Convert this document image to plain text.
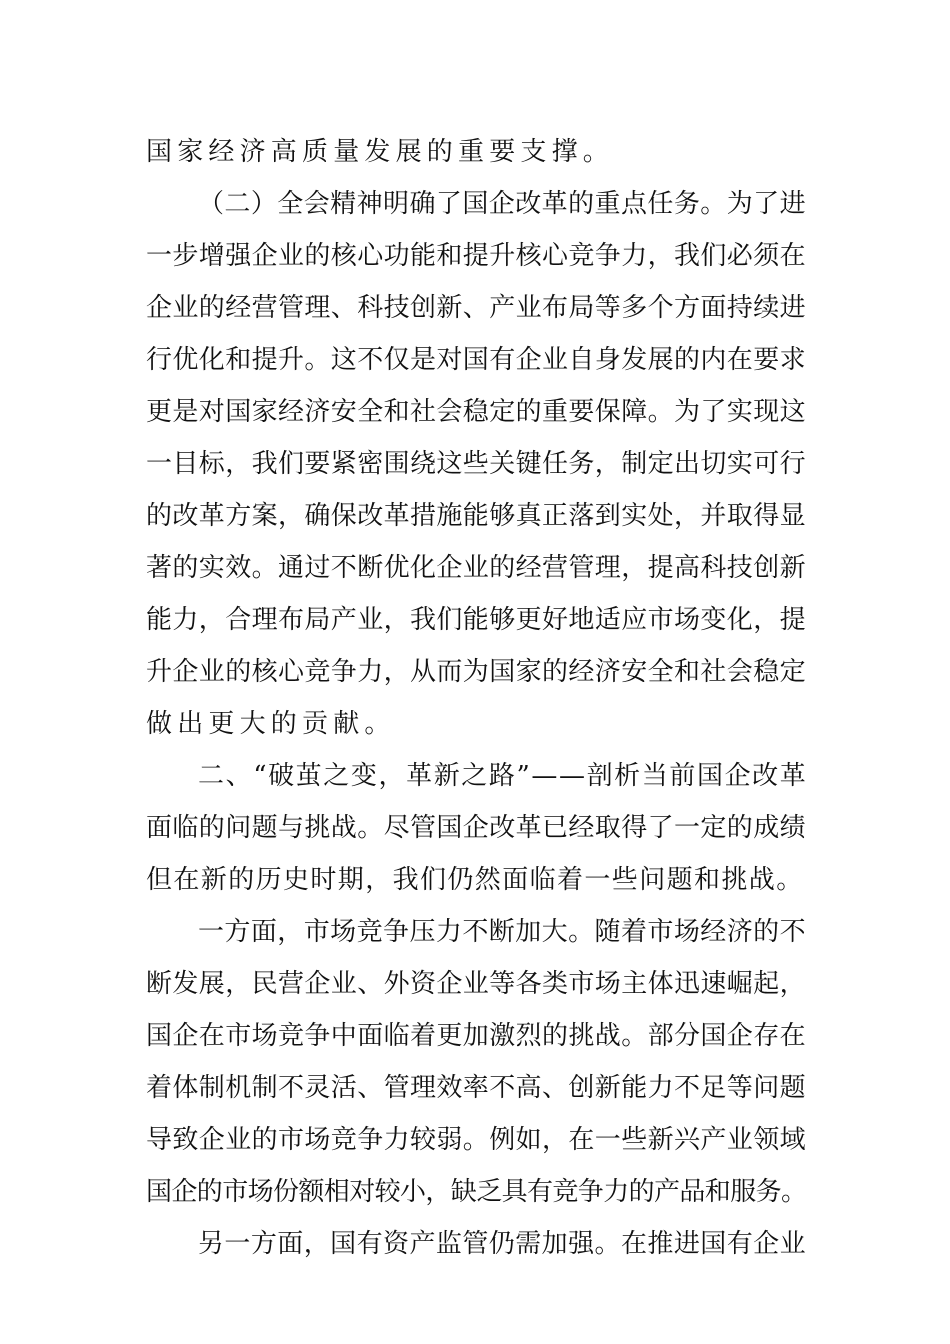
国家经济高质量发展的重要支撑。
（二）全会精神明确了国企改革的重点任务。为了进
一步增强企业的核心功能和提升核心竞争力，我们必须在
企业的经营管理、科技创新、产业布局等多个方面持续进
行优化和提升。这不仅是对国有企业自身发展的内在要求
更是对国家经济安全和社会稳定的重要保障。为了实现这
一目标，我们要紧密围绕这些关键任务，制定出切实可行
的改革方案，确保改革措施能够真正落到实处，并取得显
著的实效。通过不断优化企业的经营管理，提高科技创新
能力，合理布局产业，我们能够更好地适应市场变化，提
升企业的核心竞争力，从而为国家的经济安全和社会稳定
做出更大的贡献。
二、“破茧之变，革新之路”——剖析当前国企改革
面临的问题与挑战。尽管国企改革已经取得了一定的成绩
但在新的历史时期，我们仍然面临着一些问题和挑战。
一方面，市场竞争压力不断加大。随着市场经济的不
断发展，民营企业、外资企业等各类市场主体迅速崛起，
国企在市场竞争中面临着更加激烈的挑战。部分国企存在
着体制机制不灵活、管理效率不高、创新能力不足等问题
导致企业的市场竞争力较弱。例如，在一些新兴产业领域
国企的市场份额相对较小，缺乏具有竞争力的产品和服务。
另一方面，国有资产监管仍需加强。在推进国有企业
